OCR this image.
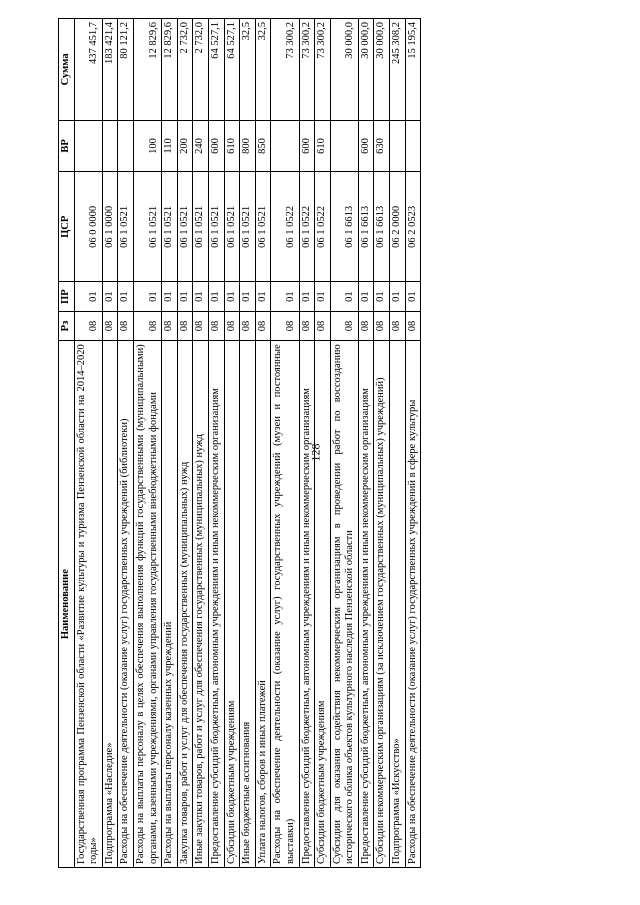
128
Наименование	Рз	ПР	ЦСР	ВР	Сумма
Государственная программа Пензенской области «Развитие культуры и туризма Пензенской области на 2014–2020 годы»	08	01	06 0 0000		437 451,7
Подпрограмма «Наследие»	08	01	06 1 0000		183 421,4
Расходы на обеспечение деятельности (оказание услуг) государственных учреждений (библиотеки)	08	01	06 1 0521		80 121,2
Расходы на выплаты персоналу в целях обеспечения выполнения функций государственными (муниципальными) органами, казенными учреждениями, органами управления государственными внебюджетными фондами	08	01	06 1 0521	100	12 829,6
Расходы на выплаты персоналу казенных учреждений	08	01	06 1 0521	110	12 829,6
Закупка товаров, работ и услуг для обеспечения государственных (муниципальных) нужд	08	01	06 1 0521	200	2 732,0
Иные закупки товаров, работ и услуг для обеспечения государственных (муниципальных) нужд	08	01	06 1 0521	240	2 732,0
Предоставление субсидий бюджетным, автономным учреждениям и иным некоммерческим организациям	08	01	06 1 0521	600	64 527,1
Субсидии бюджетным учреждениям	08	01	06 1 0521	610	64 527,1
Иные бюджетные ассигнования	08	01	06 1 0521	800	32,5
Уплата налогов, сборов и иных платежей	08	01	06 1 0521	850	32,5
Расходы на обеспечение деятельности (оказание услуг) государственных учреждений (музеи и постоянные выставки)	08	01	06 1 0522		73 300,2
Предоставление субсидий бюджетным, автономным учреждениям и иным некоммерческим организациям	08	01	06 1 0522	600	73 300,2
Субсидии бюджетным учреждениям	08	01	06 1 0522	610	73 300,2
Субсидии для оказания содействия некоммерческим организациям в проведении работ по воссозданию исторического облика объектов культурного наследия Пензенской области	08	01	06 1 6613		30 000,0
Предоставление субсидий бюджетным, автономным учреждениям и иным некоммерческим организациям	08	01	06 1 6613	600	30 000,0
Субсидии некоммерческим организациям (за исключением государственных (муниципальных) учреждений)	08	01	06 1 6613	630	30 000,0
Подпрограмма «Искусство»	08	01	06 2 0000		245 308,2
Расходы на обеспечение деятельности (оказание услуг) государственных учреждений в сфере культуры	08	01	06 2 0523		15 195,4
